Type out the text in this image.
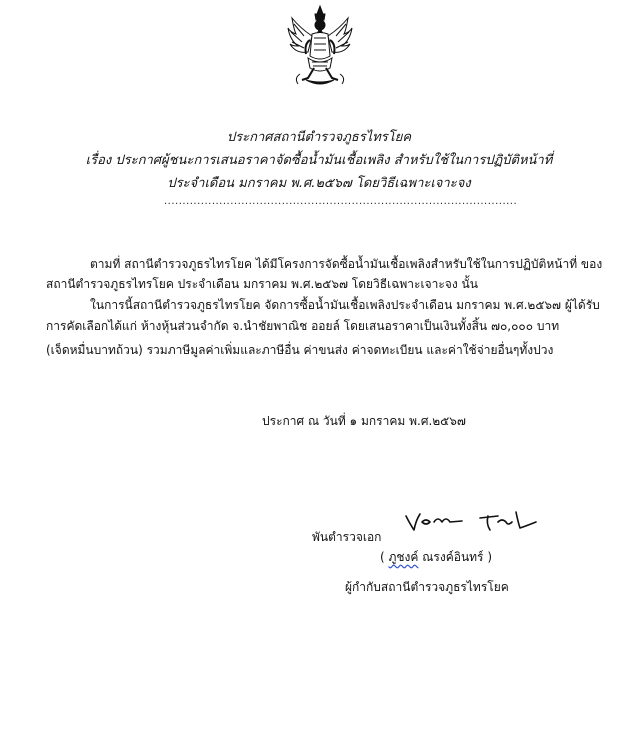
ประกาศสถานีตำรวจภูธรไทรโยค
เรื่อง ประกาศผู้ชนะการเสนอราคาจัดซื้อน้ำมันเชื้อเพลิง สำหรับใช้ในการปฏิบัติหน้าที่
ประจำเดือน มกราคม พ.ศ.๒๕๖๗ โดยวิธีเฉพาะเจาะจง
................................................................................................
ตามที่ สถานีตำรวจภูธรไทรโยค ได้มีโครงการจัดซื้อน้ำมันเชื้อเพลิงสำหรับใช้ในการปฏิบัติหน้าที่ ของ
สถานีตำรวจภูธรไทรโยค ประจำเดือน มกราคม พ.ศ.๒๕๖๗ โดยวิธีเฉพาะเจาะจง นั้น
ในการนี้สถานีตำรวจภูธรไทรโยค จัดการซื้อน้ำมันเชื้อเพลิงประจำเดือน มกราคม พ.ศ.๒๕๖๗ ผู้ได้รับ
การคัดเลือกได้แก่ ห้างหุ้นส่วนจำกัด จ.นำชัยพาณิช ออยล์ โดยเสนอราคาเป็นเงินทั้งสิ้น ๗๐,๐๐๐ บาท
(เจ็ดหมื่นบาทถ้วน) รวมภาษีมูลค่าเพิ่มและภาษีอื่น ค่าขนส่ง ค่าจดทะเบียน และค่าใช้จ่ายอื่นๆทั้งปวง
ประกาศ ณ วันที่ ๑ มกราคม พ.ศ.๒๕๖๗
พันตำรวจเอก
( ภูชงค์ ณรงค์อินทร์ )
ผู้กำกับสถานีตำรวจภูธรไทรโยค
